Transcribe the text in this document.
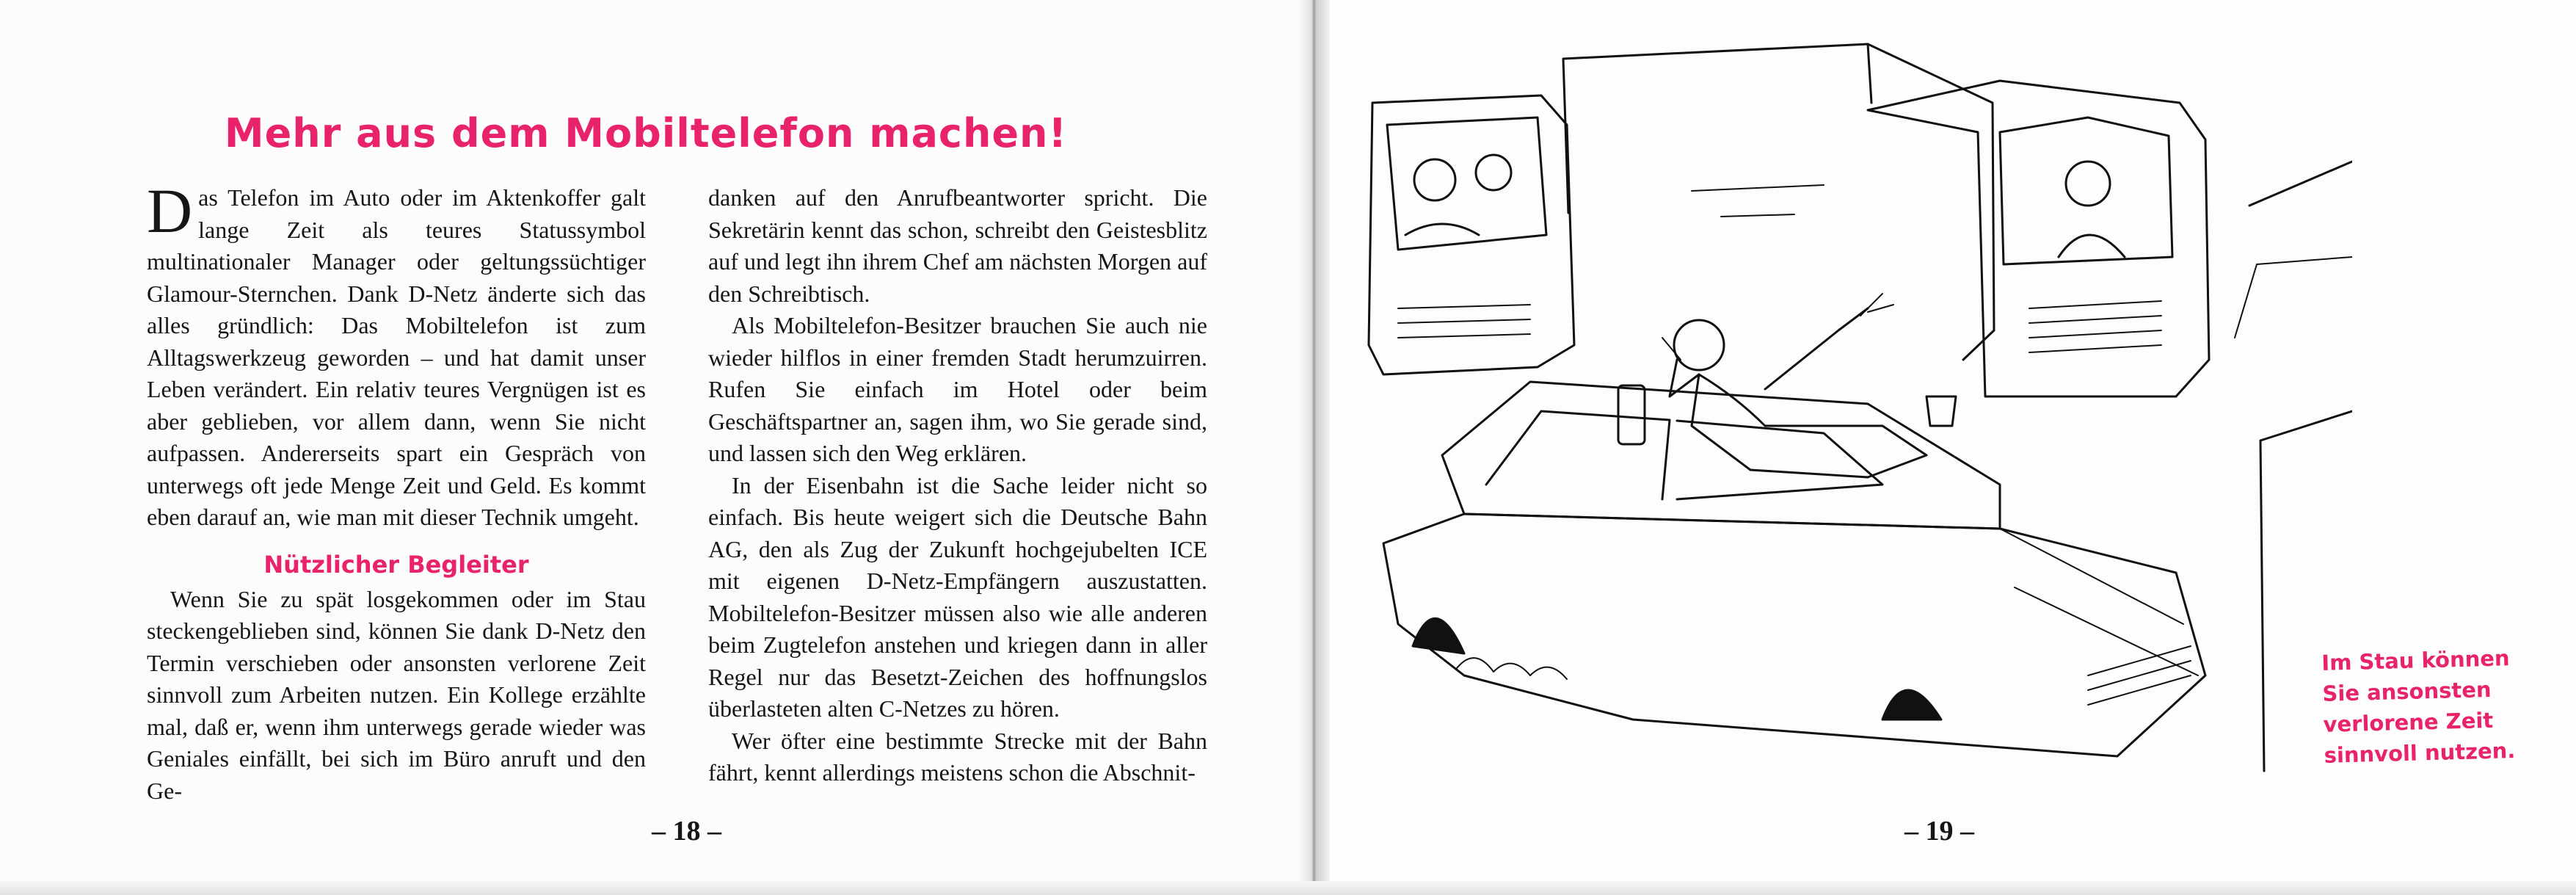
Mehr aus dem Mobiltelefon machen!

Das Telefon im Auto oder im Aktenkoffer galt lange Zeit als teures Statussymbol multinationaler Manager oder geltungssüchtiger Glamour-Sternchen. Dank D-Netz änderte sich das alles gründlich: Das Mobiltelefon ist zum Alltagswerkzeug geworden – und hat damit unser Leben verändert. Ein relativ teures Vergnügen ist es aber geblieben, vor allem dann, wenn Sie nicht aufpassen. Andererseits spart ein Gespräch von unterwegs oft jede Menge Zeit und Geld. Es kommt eben darauf an, wie man mit dieser Technik umgeht.

Nützlicher Begleiter

Wenn Sie zu spät losgekommen oder im Stau steckengeblieben sind, können Sie dank D-Netz den Termin verschieben oder ansonsten verlorene Zeit sinnvoll zum Arbeiten nutzen. Ein Kollege erzählte mal, daß er, wenn ihm unterwegs gerade wieder was Geniales einfällt, bei sich im Büro anruft und den Ge-

danken auf den Anrufbeantworter spricht. Die Sekretärin kennt das schon, schreibt den Geistesblitz auf und legt ihn ihrem Chef am nächsten Morgen auf den Schreibtisch.

Als Mobiltelefon-Besitzer brauchen Sie auch nie wieder hilflos in einer fremden Stadt herumzuirren. Rufen Sie einfach im Hotel oder beim Geschäftspartner an, sagen ihm, wo Sie gerade sind, und lassen sich den Weg erklären.

In der Eisenbahn ist die Sache leider nicht so einfach. Bis heute weigert sich die Deutsche Bahn AG, den als Zug der Zukunft hochgejubelten ICE mit eigenen D-Netz-Empfängern auszustatten. Mobiltelefon-Besitzer müssen also wie alle anderen beim Zugtelefon anstehen und kriegen dann in aller Regel nur das Besetzt-Zeichen des hoffnungslos überlasteten alten C-Netzes zu hören.

Wer öfter eine bestimmte Strecke mit der Bahn fährt, kennt allerdings meistens schon die Abschnit-

– 18 –
Im Stau können
Sie ansonsten
verlorene Zeit
sinnvoll nutzen.
– 19 –
